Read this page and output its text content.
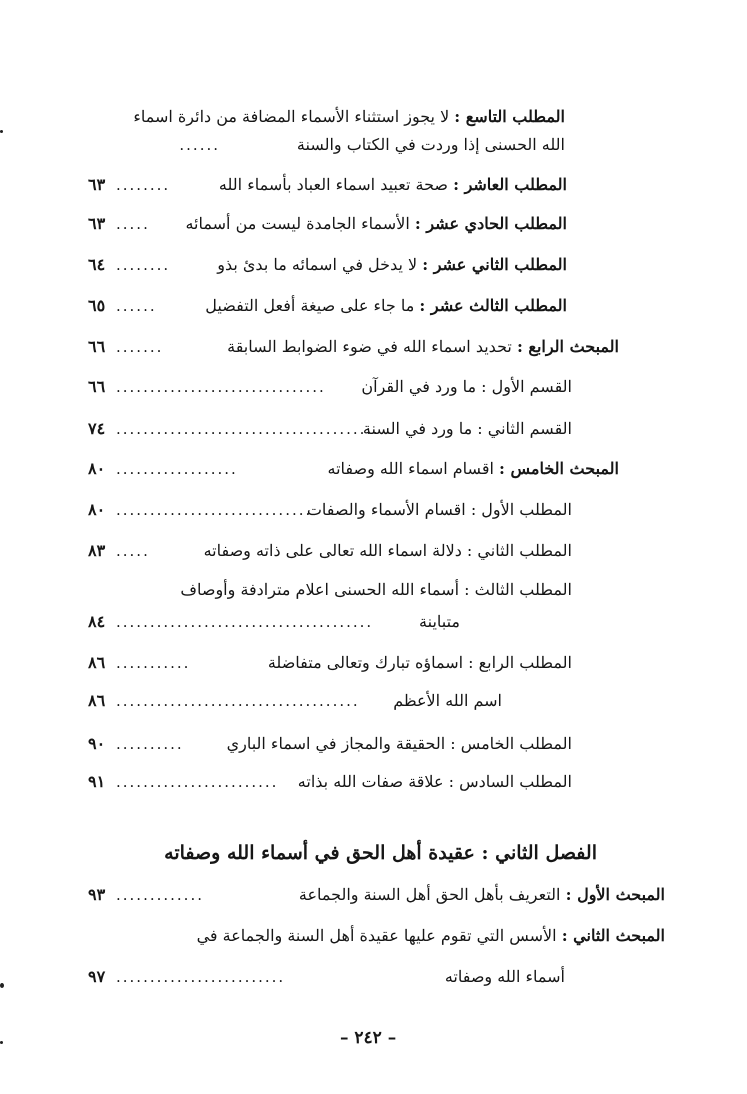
المطلب التاسع : لا يجوز استثناء الأسماء المضافة من دائرة اسماء
الله الحسنى إذا وردت في الكتاب والسنة
......
المطلب العاشر : صحة تعبيد اسماء العباد بأسماء الله
........
٦٣
المطلب الحادي عشر : الأسماء الجامدة ليست من أسمائه
.....
٦٣
المطلب الثاني عشر : لا يدخل في اسمائه ما بدئ بذو
........
٦٤
المطلب الثالث عشر : ما جاء على صيغة أفعل التفضيل
......
٦٥
المبحث الرابع : تحديد اسماء الله في ضوء الضوابط السابقة
.......
٦٦
القسم الأول : ما ورد في القرآن
...............................
٦٦
القسم الثاني : ما ورد في السنة
.......................................
٧٤
المبحث الخامس : اقسام اسماء الله وصفاته
..................
٨٠
المطلب الأول : اقسام الأسماء والصفات
.............................
٨٠
المطلب الثاني : دلالة اسماء الله تعالى على ذاته وصفاته
.....
٨٣
المطلب الثالث : أسماء الله الحسنى اعلام مترادفة وأوصاف
متباينة
......................................
٨٤
المطلب الرابع : اسماؤه تبارك وتعالى متفاضلة
...........
٨٦
اسم الله الأعظم
....................................
٨٦
المطلب الخامس : الحقيقة والمجاز في اسماء الباري
..........
٩٠
المطلب السادس : علاقة صفات الله بذاته
........................
٩١
الفصل الثاني : عقيدة أهل الحق في أسماء الله وصفاته
المبحث الأول : التعريف بأهل الحق أهل السنة والجماعة
.............
٩٣
المبحث الثاني : الأسس التي تقوم عليها عقيدة أهل السنة والجماعة في
أسماء الله وصفاته
.........................
٩٧
– ٢٤٢ –
